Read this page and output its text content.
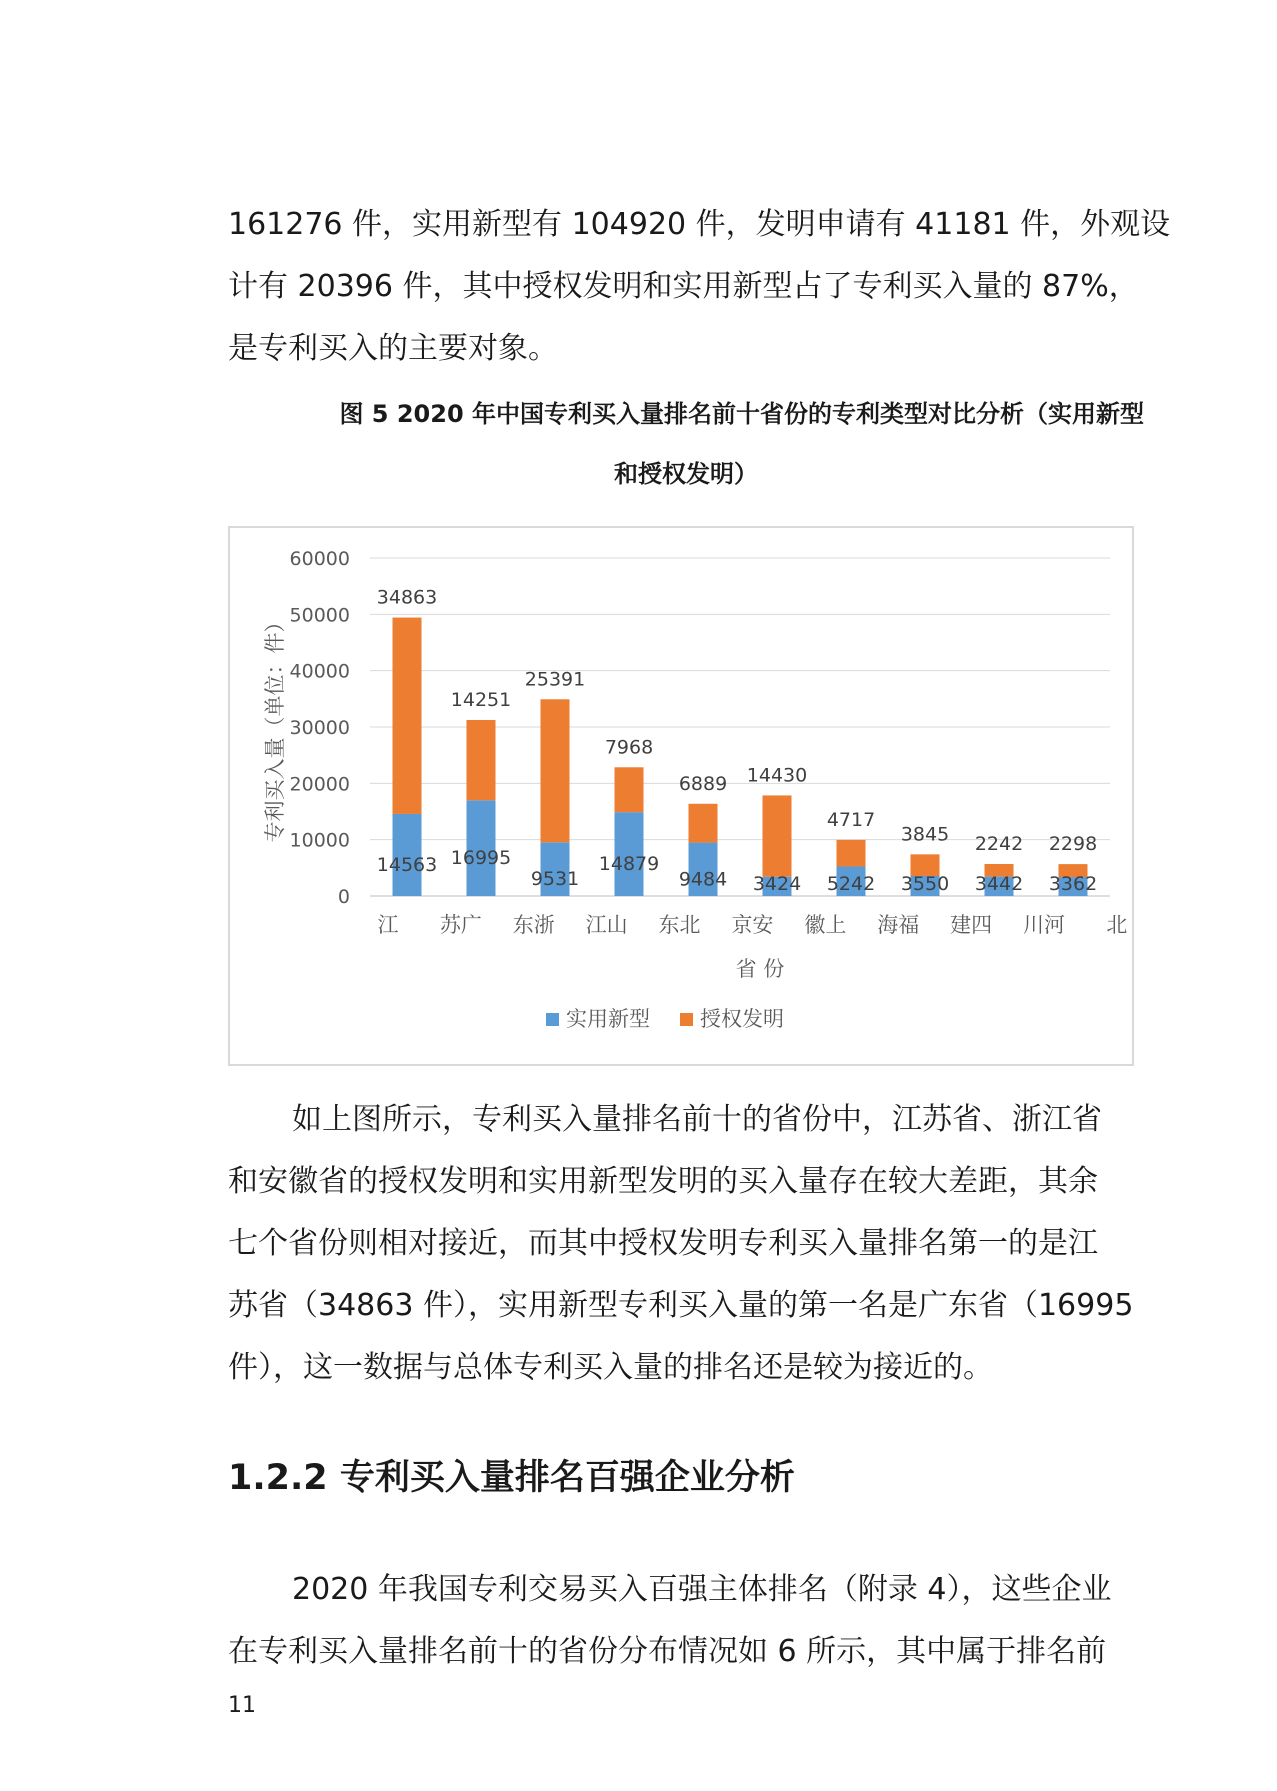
161276 件，实用新型有 104920 件，发明申请有 41181 件，外观设
计有 20396 件，其中授权发明和实用新型占了专利买入量的 87%，
是专利买入的主要对象。
图 5 2020 年中国专利买入量排名前十省份的专利类型对比分析（实用新型
和授权发明）
0
10000
20000
30000
40000
50000
60000
专利买入量（单位：件）
34863
14563
14251
16995
25391
9531
7968
14879
6889
9484
14430
3424
4717
5242
3845
3550
2242
3442
2298
3362
江 苏广 东浙 江山 东北 京安 徽上 海福 建四 川河 北
省 份
实用新型 授权发明
如上图所示，专利买入量排名前十的省份中，江苏省、浙江省
和安徽省的授权发明和实用新型发明的买入量存在较大差距，其余
七个省份则相对接近，而其中授权发明专利买入量排名第一的是江
苏省（34863 件），实用新型专利买入量的第一名是广东省（16995
件），这一数据与总体专利买入量的排名还是较为接近的。
1.2.2 专利买入量排名百强企业分析
2020 年我国专利交易买入百强主体排名（附录 4），这些企业
在专利买入量排名前十的省份分布情况如 6 所示，其中属于排名前

11
